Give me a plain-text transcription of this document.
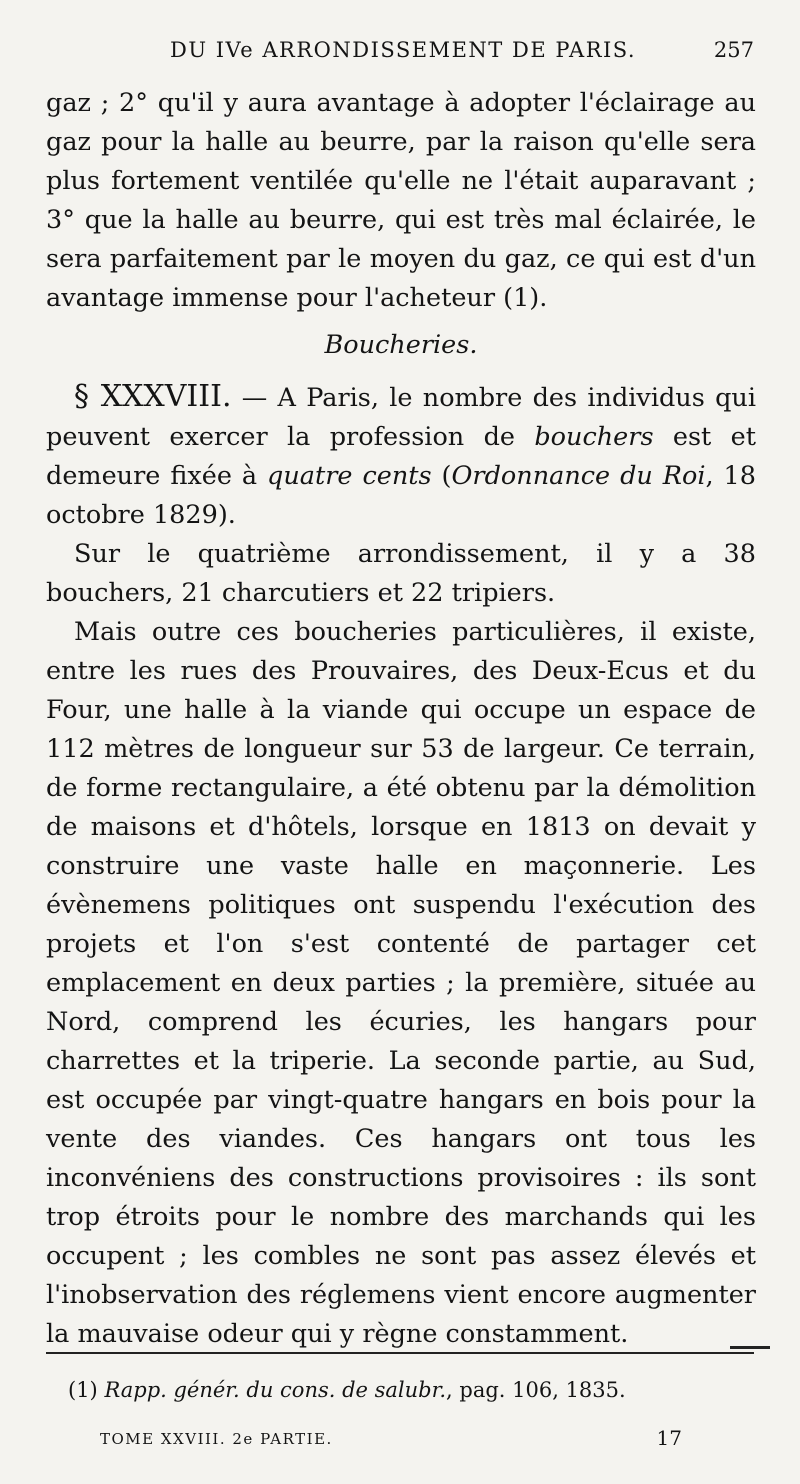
DU IVe ARRONDISSEMENT DE PARIS.	257

gaz ; 2° qu'il y aura avantage à adopter l'éclairage au gaz pour la halle au beurre, par la raison qu'elle sera plus fortement ventilée qu'elle ne l'était auparavant ; 3° que la halle au beurre, qui est très mal éclairée, le sera parfaitement par le moyen du gaz, ce qui est d'un avantage immense pour l'acheteur (1).

Boucheries.

§ XXXVIII. — A Paris, le nombre des individus qui peuvent exercer la profession de bouchers est et demeure fixée à quatre cents (Ordonnance du Roi, 18 octobre 1829).

Sur le quatrième arrondissement, il y a 38 bouchers, 21 charcutiers et 22 tripiers.

Mais outre ces boucheries particulières, il existe, entre les rues des Prouvaires, des Deux-Ecus et du Four, une halle à la viande qui occupe un espace de 112 mètres de longueur sur 53 de largeur. Ce terrain, de forme rectangulaire, a été obtenu par la démolition de maisons et d'hôtels, lorsque en 1813 on devait y construire une vaste halle en maçonnerie. Les évènemens politiques ont suspendu l'exécution des projets et l'on s'est contenté de partager cet emplacement en deux parties ; la première, située au Nord, comprend les écuries, les hangars pour charrettes et la triperie. La seconde partie, au Sud, est occupée par vingt-quatre hangars en bois pour la vente des viandes. Ces hangars ont tous les inconvéniens des constructions provisoires : ils sont trop étroits pour le nombre des marchands qui les occupent ; les combles ne sont pas assez élevés et l'inobservation des réglemens vient encore augmenter la mauvaise odeur qui y règne constamment.

(1) Rapp. génér. du cons. de salubr., pag. 106, 1835.
TOME XXVIII. 2e PARTIE.	17
